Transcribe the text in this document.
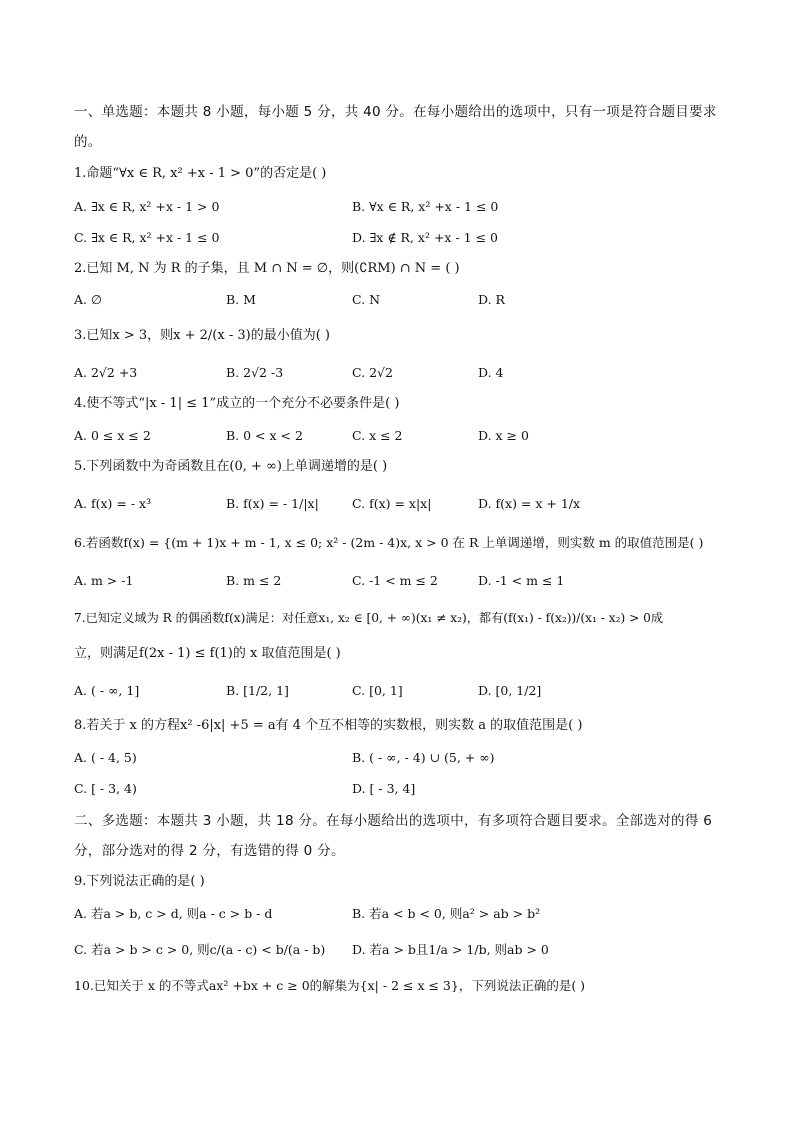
一、单选题：本题共 8 小题，每小题 5 分，共 40 分。在每小题给出的选项中，只有一项是符合题目要求
的。
1.命题“∀x ∈ R, x² +x - 1 > 0”的否定是( )
A. ∃x ∈ R, x² +x - 1 > 0	B. ∀x ∈ R, x² +x - 1 ≤ 0
C. ∃x ∈ R, x² +x - 1 ≤ 0	D. ∃x ∉ R, x² +x - 1 ≤ 0
2.已知 M, N 为 R 的子集，且 M ∩ N = ∅，则(∁RM) ∩ N = ( )
A. ∅	B. M	C. N	D. R
3.已知x > 3，则x + 2/(x - 3)的最小值为( )
A. 2√2 +3	B. 2√2 -3	C. 2√2	D. 4
4.使不等式“|x - 1| ≤ 1”成立的一个充分不必要条件是( )
A. 0 ≤ x ≤ 2	B. 0 < x < 2	C. x ≤ 2	D. x ≥ 0
5.下列函数中为奇函数且在(0, + ∞)上单调递增的是( )
A. f(x) = - x³	B. f(x) = - 1/|x|	C. f(x) = x|x|	D. f(x) = x + 1/x
6.若函数f(x) = {(m + 1)x + m - 1, x ≤ 0; x² - (2m - 4)x, x > 0 在 R 上单调递增，则实数 m 的取值范围是( )
A. m > -1	B. m ≤ 2	C. -1 < m ≤ 2	D. -1 < m ≤ 1
7.已知定义域为 R 的偶函数f(x)满足：对任意x₁, x₂ ∈ [0, + ∞)(x₁ ≠ x₂)，都有(f(x₁) - f(x₂))/(x₁ - x₂) > 0成
立，则满足f(2x - 1) ≤ f(1)的 x 取值范围是( )
A. ( - ∞, 1]	B. [1/2, 1]	C. [0, 1]	D. [0, 1/2]
8.若关于 x 的方程x² -6|x| +5 = a有 4 个互不相等的实数根，则实数 a 的取值范围是( )
A. ( - 4, 5)	B. ( - ∞, - 4) ∪ (5, + ∞)
C. [ - 3, 4)	D. [ - 3, 4]
二、多选题：本题共 3 小题，共 18 分。在每小题给出的选项中，有多项符合题目要求。全部选对的得 6
分，部分选对的得 2 分，有选错的得 0 分。
9.下列说法正确的是( )
A. 若a > b, c > d, 则a - c > b - d	B. 若a < b < 0, 则a² > ab > b²
C. 若a > b > c > 0, 则c/(a - c) < b/(a - b) D. 若a > b且1/a > 1/b, 则ab > 0
10.已知关于 x 的不等式ax² +bx + c ≥ 0的解集为{x| - 2 ≤ x ≤ 3}，下列说法正确的是( )
